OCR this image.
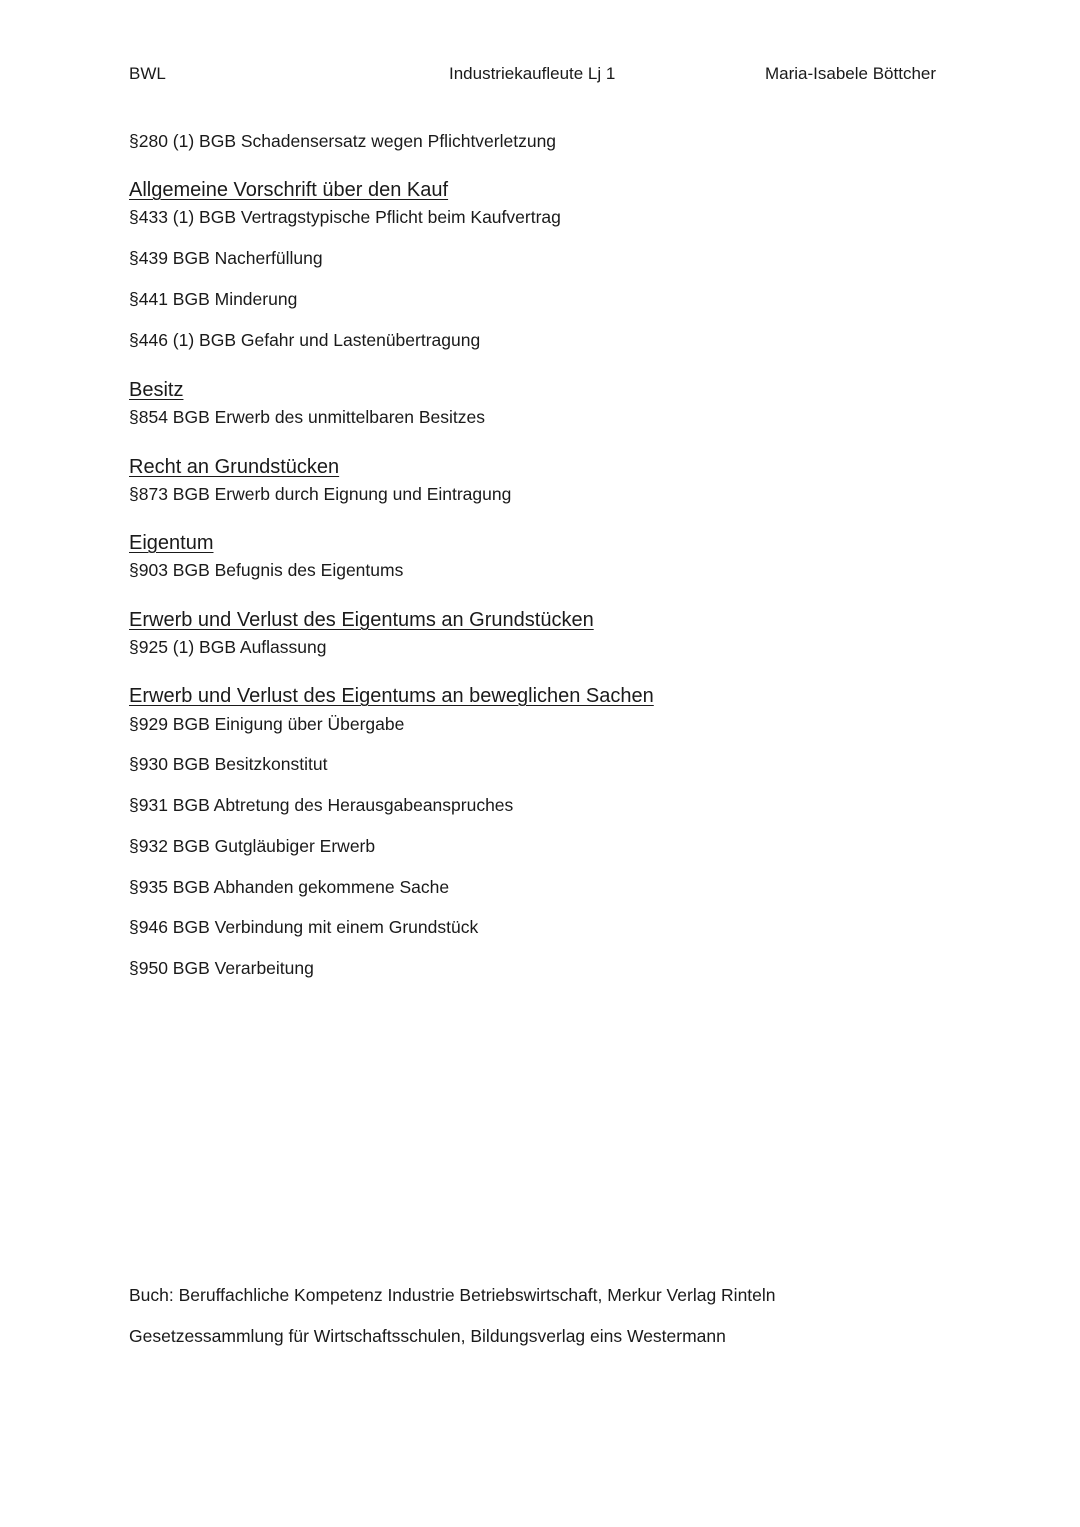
BWL	Industriekaufleute Lj 1	Maria-Isabele Böttcher
§280 (1) BGB Schadensersatz wegen Pflichtverletzung
Allgemeine Vorschrift über den Kauf
§433 (1) BGB Vertragstypische Pflicht beim Kaufvertrag
§439 BGB Nacherfüllung
§441 BGB Minderung
§446 (1) BGB Gefahr und Lastenübertragung
Besitz
§854 BGB Erwerb des unmittelbaren Besitzes
Recht an Grundstücken
§873 BGB Erwerb durch Eignung und Eintragung
Eigentum
§903 BGB Befugnis des Eigentums
Erwerb und Verlust des Eigentums an Grundstücken
§925 (1) BGB Auflassung
Erwerb und Verlust des Eigentums an beweglichen Sachen
§929 BGB Einigung über Übergabe
§930 BGB Besitzkonstitut
§931 BGB Abtretung des Herausgabeanspruches
§932 BGB Gutgläubiger Erwerb
§935 BGB Abhanden gekommene Sache
§946 BGB Verbindung mit einem Grundstück
§950 BGB Verarbeitung
Buch: Beruffachliche Kompetenz Industrie Betriebswirtschaft, Merkur Verlag Rinteln
Gesetzessammlung für Wirtschaftsschulen, Bildungsverlag eins Westermann
